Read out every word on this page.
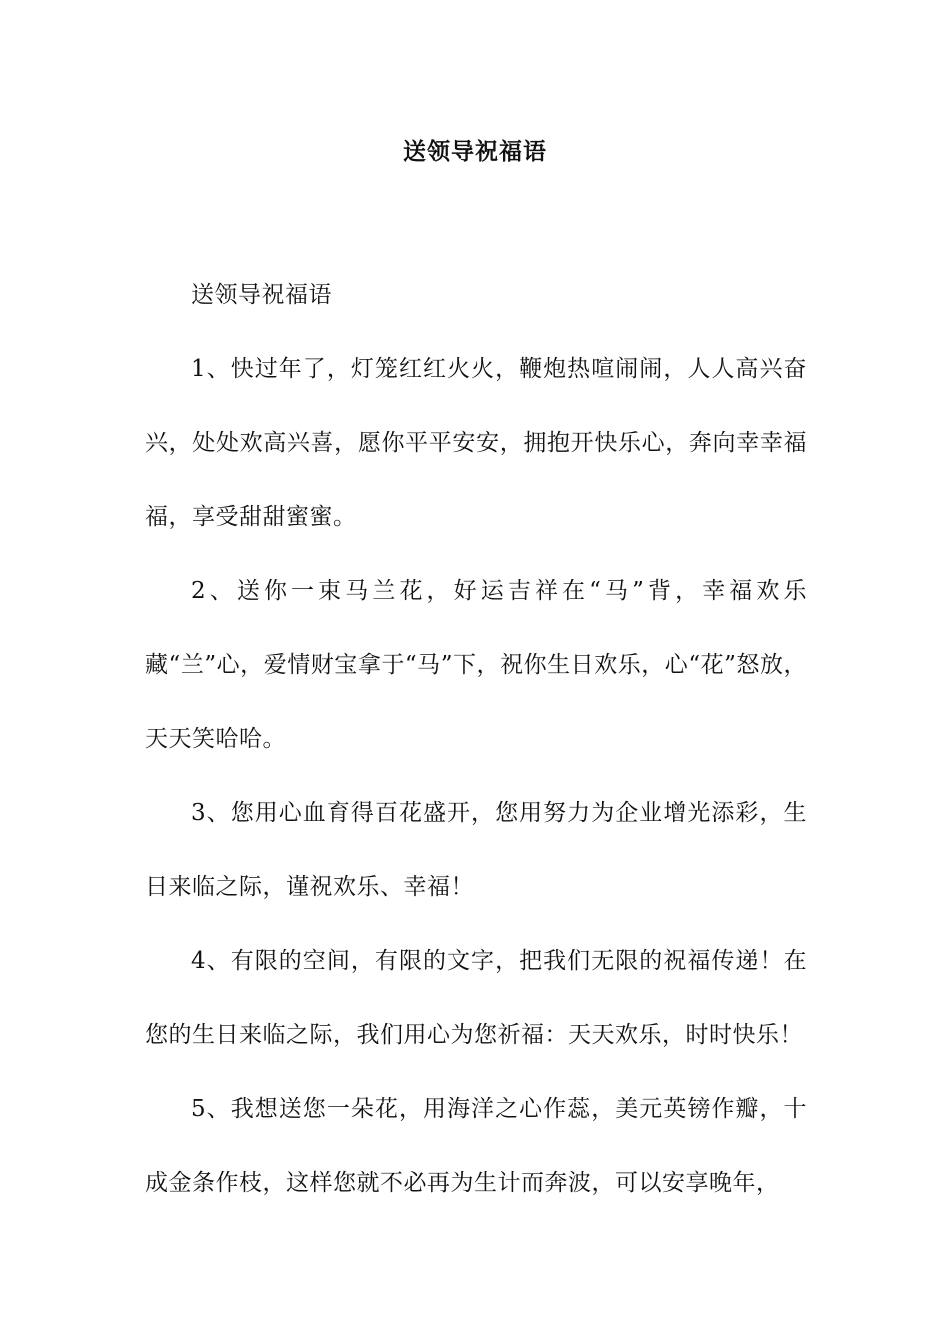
送领导祝福语

送领导祝福语

1、快过年了，灯笼红红火火，鞭炮热喧闹闹，人人高兴奋兴，处处欢高兴喜，愿你平平安安，拥抱开快乐心，奔向幸幸福福，享受甜甜蜜蜜。

2、送你一束马兰花，好运吉祥在“马”背，幸福欢乐藏“兰”心，爱情财宝拿于“马”下，祝你生日欢乐，心“花”怒放，天天笑哈哈。

3、您用心血育得百花盛开，您用努力为企业增光添彩，生日来临之际，谨祝欢乐、幸福！

4、有限的空间，有限的文字，把我们无限的祝福传递！在您的生日来临之际，我们用心为您祈福：天天欢乐，时时快乐！

5、我想送您一朵花，用海洋之心作蕊，美元英镑作瓣，十成金条作枝，这样您就不必再为生计而奔波，可以安享晚年，
